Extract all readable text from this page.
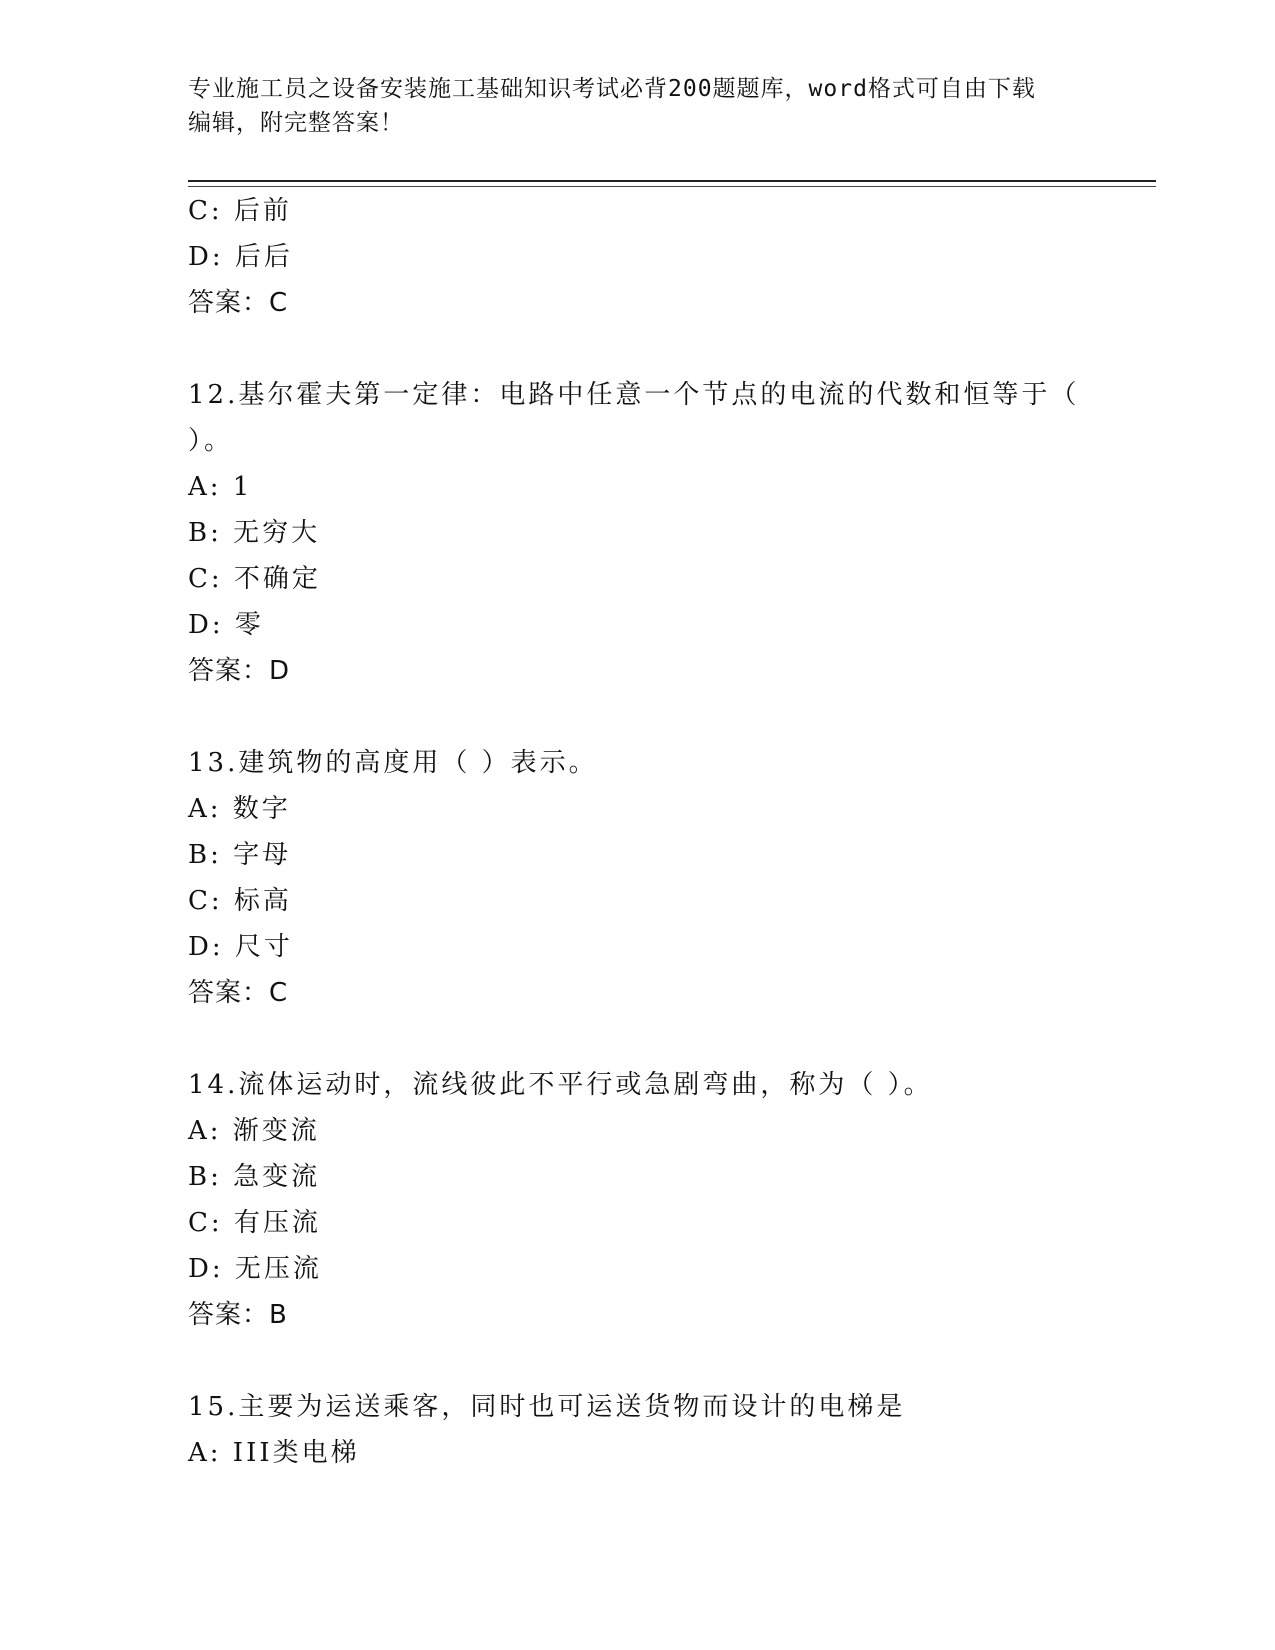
专业施工员之设备安装施工基础知识考试必背200题题库，word格式可自由下载
编辑，附完整答案！
C: 后前
D: 后后
答案：C
12.基尔霍夫第一定律：电路中任意一个节点的电流的代数和恒等于（
）。
A: 1
B: 无穷大
C: 不确定
D: 零
答案：D
13.建筑物的高度用（ ）表示。
A: 数字
B: 字母
C: 标高
D: 尺寸
答案：C
14.流体运动时，流线彼此不平行或急剧弯曲，称为（ ）。
A: 渐变流
B: 急变流
C: 有压流
D: 无压流
答案：B
15.主要为运送乘客，同时也可运送货物而设计的电梯是
A: III类电梯
